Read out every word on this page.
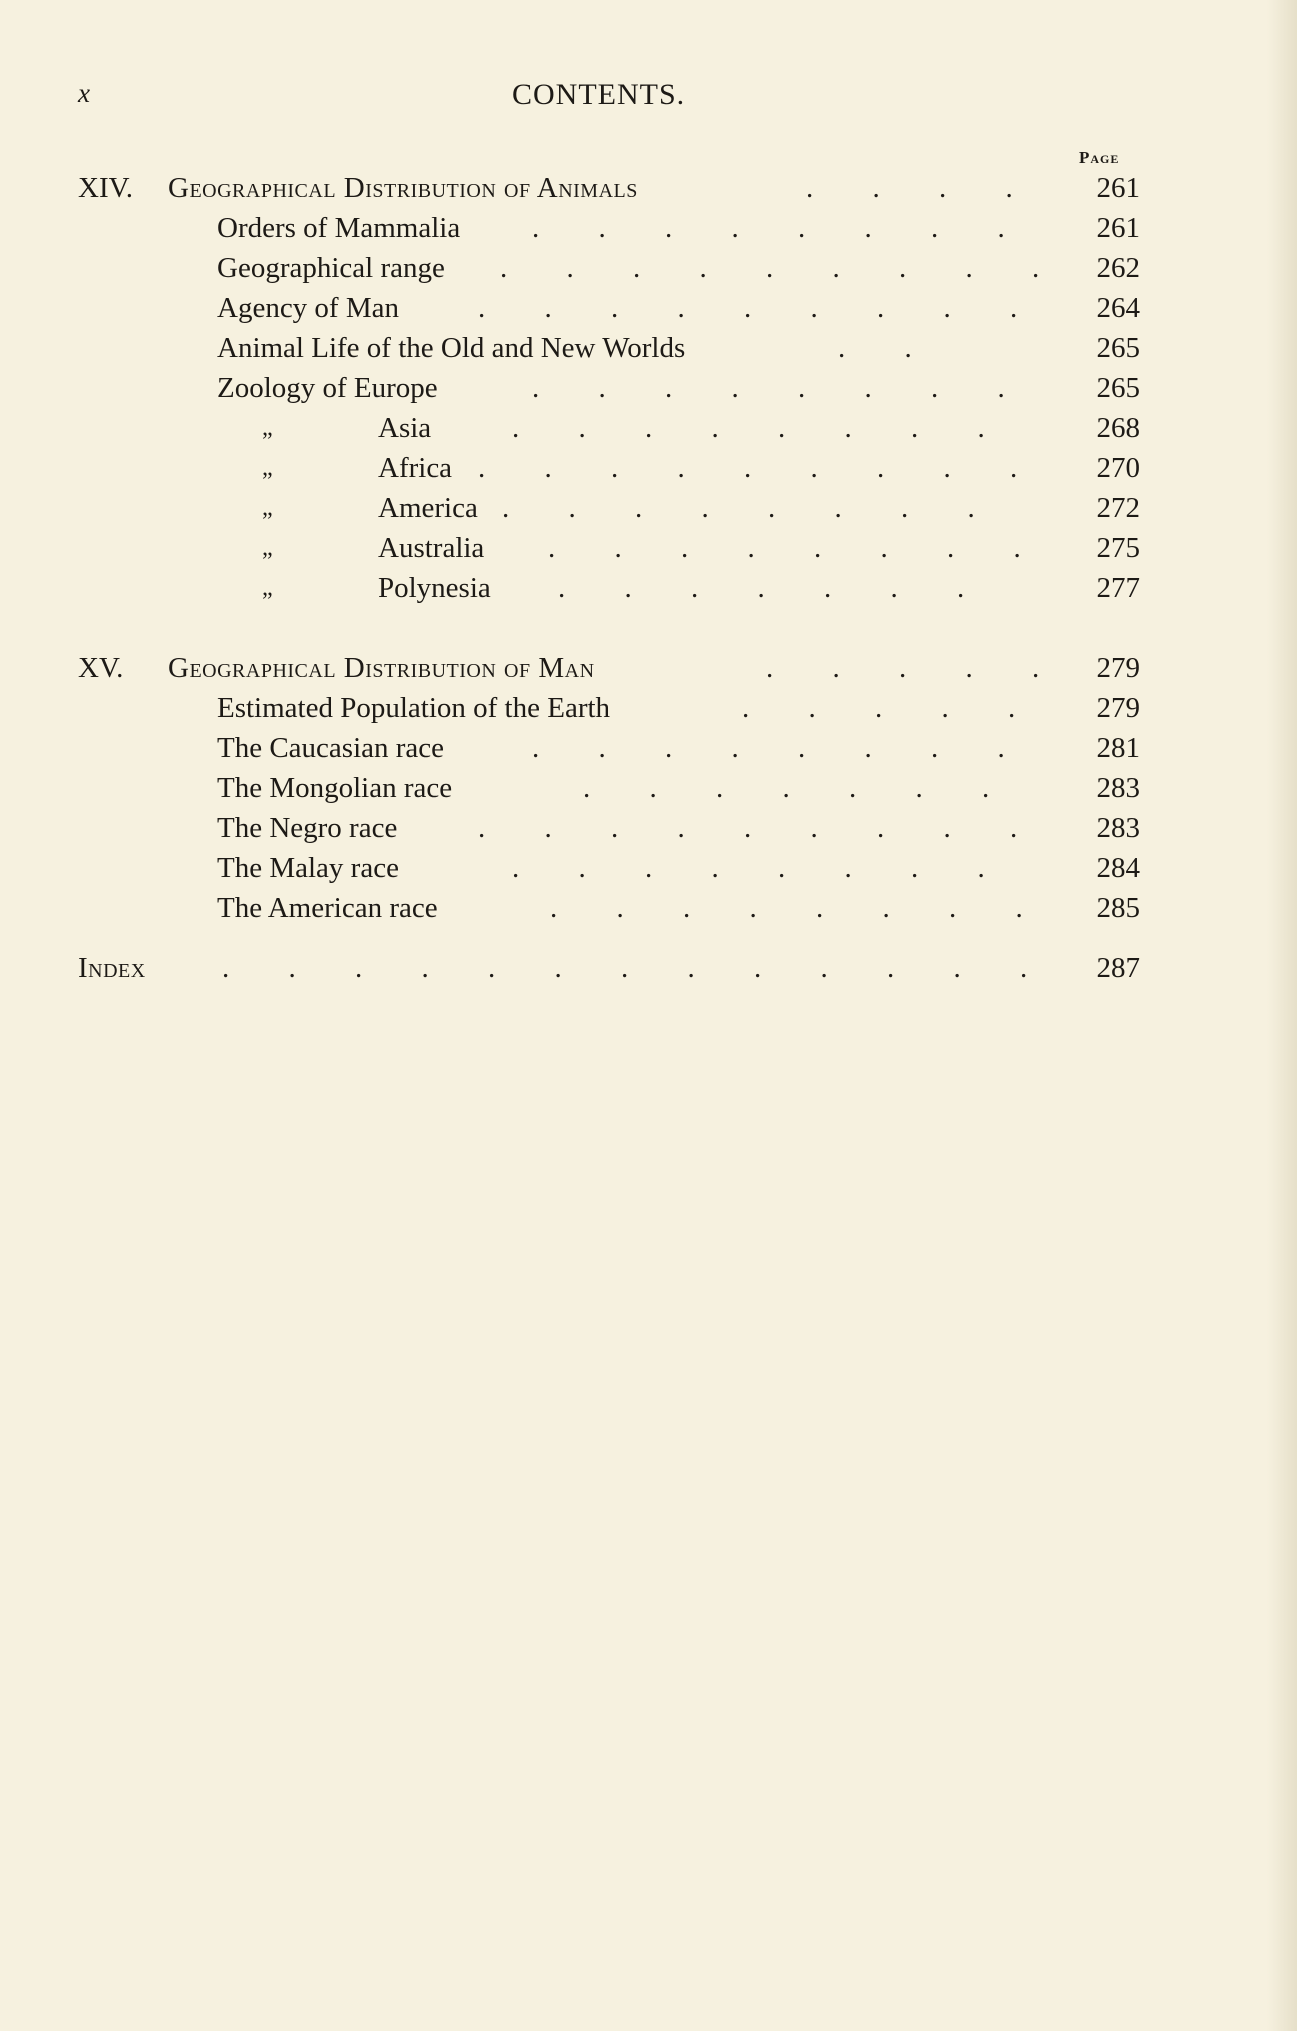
x	CONTENTS.
Page
XIV. Geographical Distribution of Animals	. . . . 261
Orders of Mammalia . . . . . . . . 261
Geographical range . . . . . . . . . 262
Agency of Man	. . . . . . . . . 264
Animal Life of the Old and New Worlds	. .	265
Zoology of Europe	. . . . . . . . 265
„	Asia	. . . . . . . .	268
„	Africa . . . . . . . . . 270
„	America . . . . . . . .	272
„	Australia . . . . . . . . 275
„	Polynesia . . . . . . .	277
XV. Geographical Distribution of Man	. . . . . 279
Estimated Population of the Earth	. . . . . 279
The Caucasian race	. . . . . . . . 281
The Mongolian race	. . . . . . .	283
The Negro race	. . . . . . . . . 283
The Malay race	. . . . . . . .	284
The American race	. . . . . . . . 285
Index	. . . . . . . . . . . . . 287
